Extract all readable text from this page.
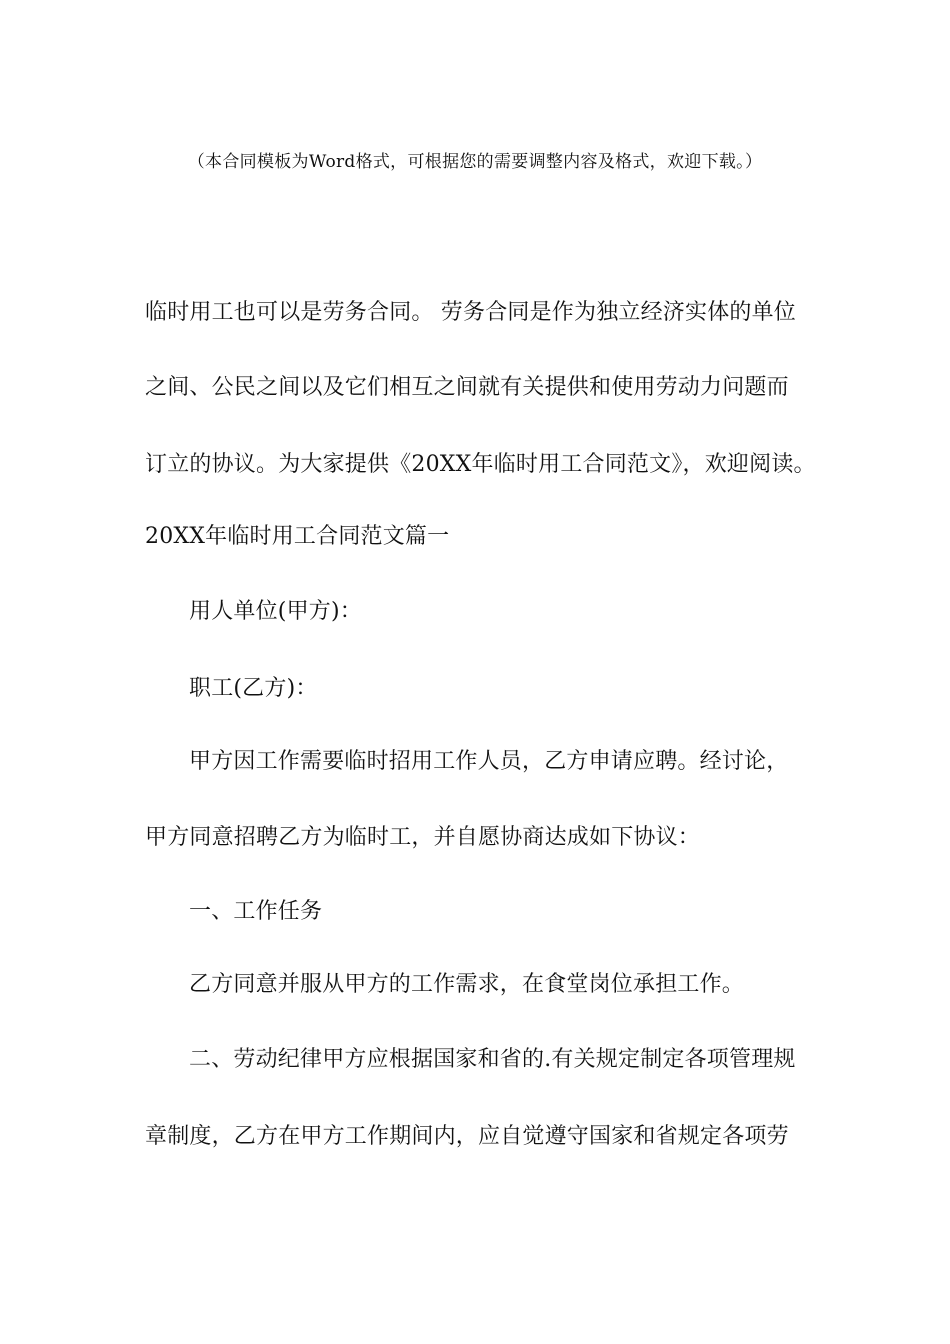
（本合同模板为Word格式，可根据您的需要调整内容及格式，欢迎下载。）
临时用工也可以是劳务合同。 劳务合同是作为独立经济实体的单位
之间、公民之间以及它们相互之间就有关提供和使用劳动力问题而
订立的协议。为大家提供《20XX年临时用工合同范文》，欢迎阅读。
20XX年临时用工合同范文篇一
用人单位(甲方)：
职工(乙方)：
甲方因工作需要临时招用工作人员，乙方申请应聘。经讨论，
甲方同意招聘乙方为临时工，并自愿协商达成如下协议：
一、工作任务
乙方同意并服从甲方的工作需求，在食堂岗位承担工作。
二、劳动纪律甲方应根据国家和省的.有关规定制定各项管理规
章制度，乙方在甲方工作期间内，应自觉遵守国家和省规定各项劳
